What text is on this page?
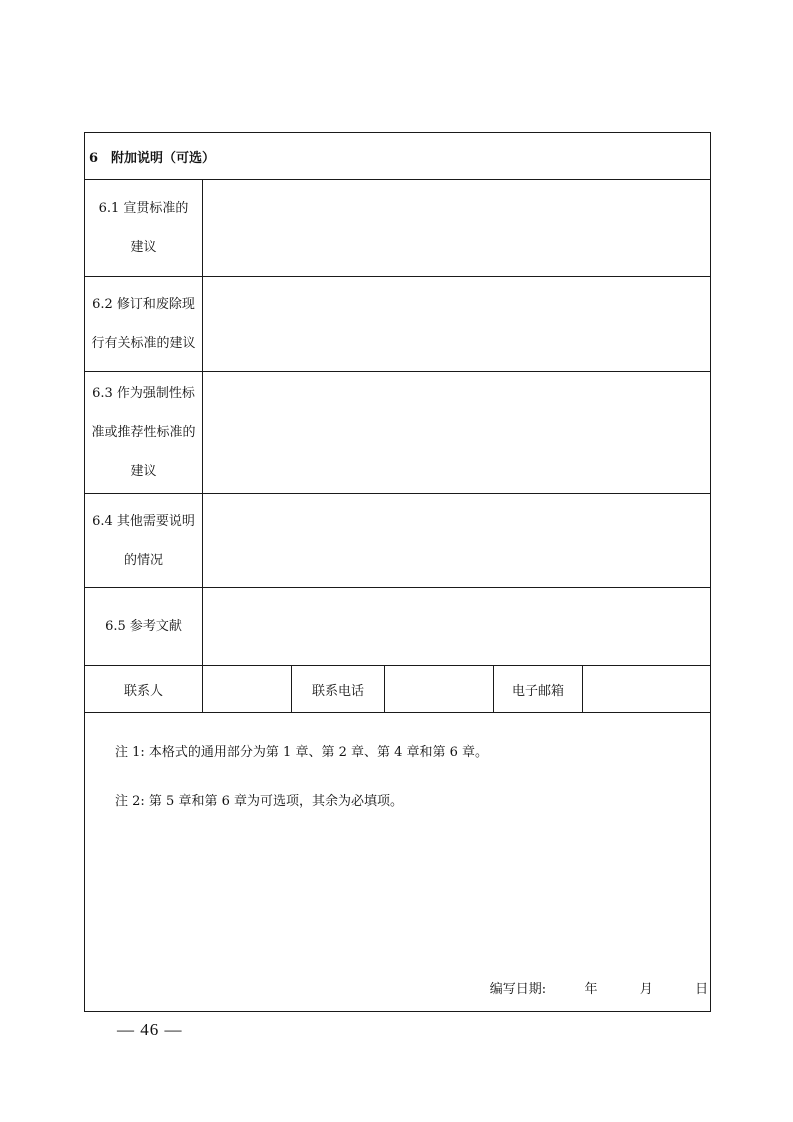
6　附加说明（可选）					

6.1 宣贯标准的
建议					

6.2 修订和废除现
行有关标准的建议					

6.3 作为强制性标
准或推荐性标准的
建议					

6.4 其他需要说明
的情况					

6.5 参考文献					

联系人		联系电话		电子邮箱	

注 1: 本格式的通用部分为第 1 章、第 2 章、第 4 章和第 6 章。
注 2: 第 5 章和第 6 章为可选项，其余为必填项。
编写日期: 年 月 日					
— 46 —
